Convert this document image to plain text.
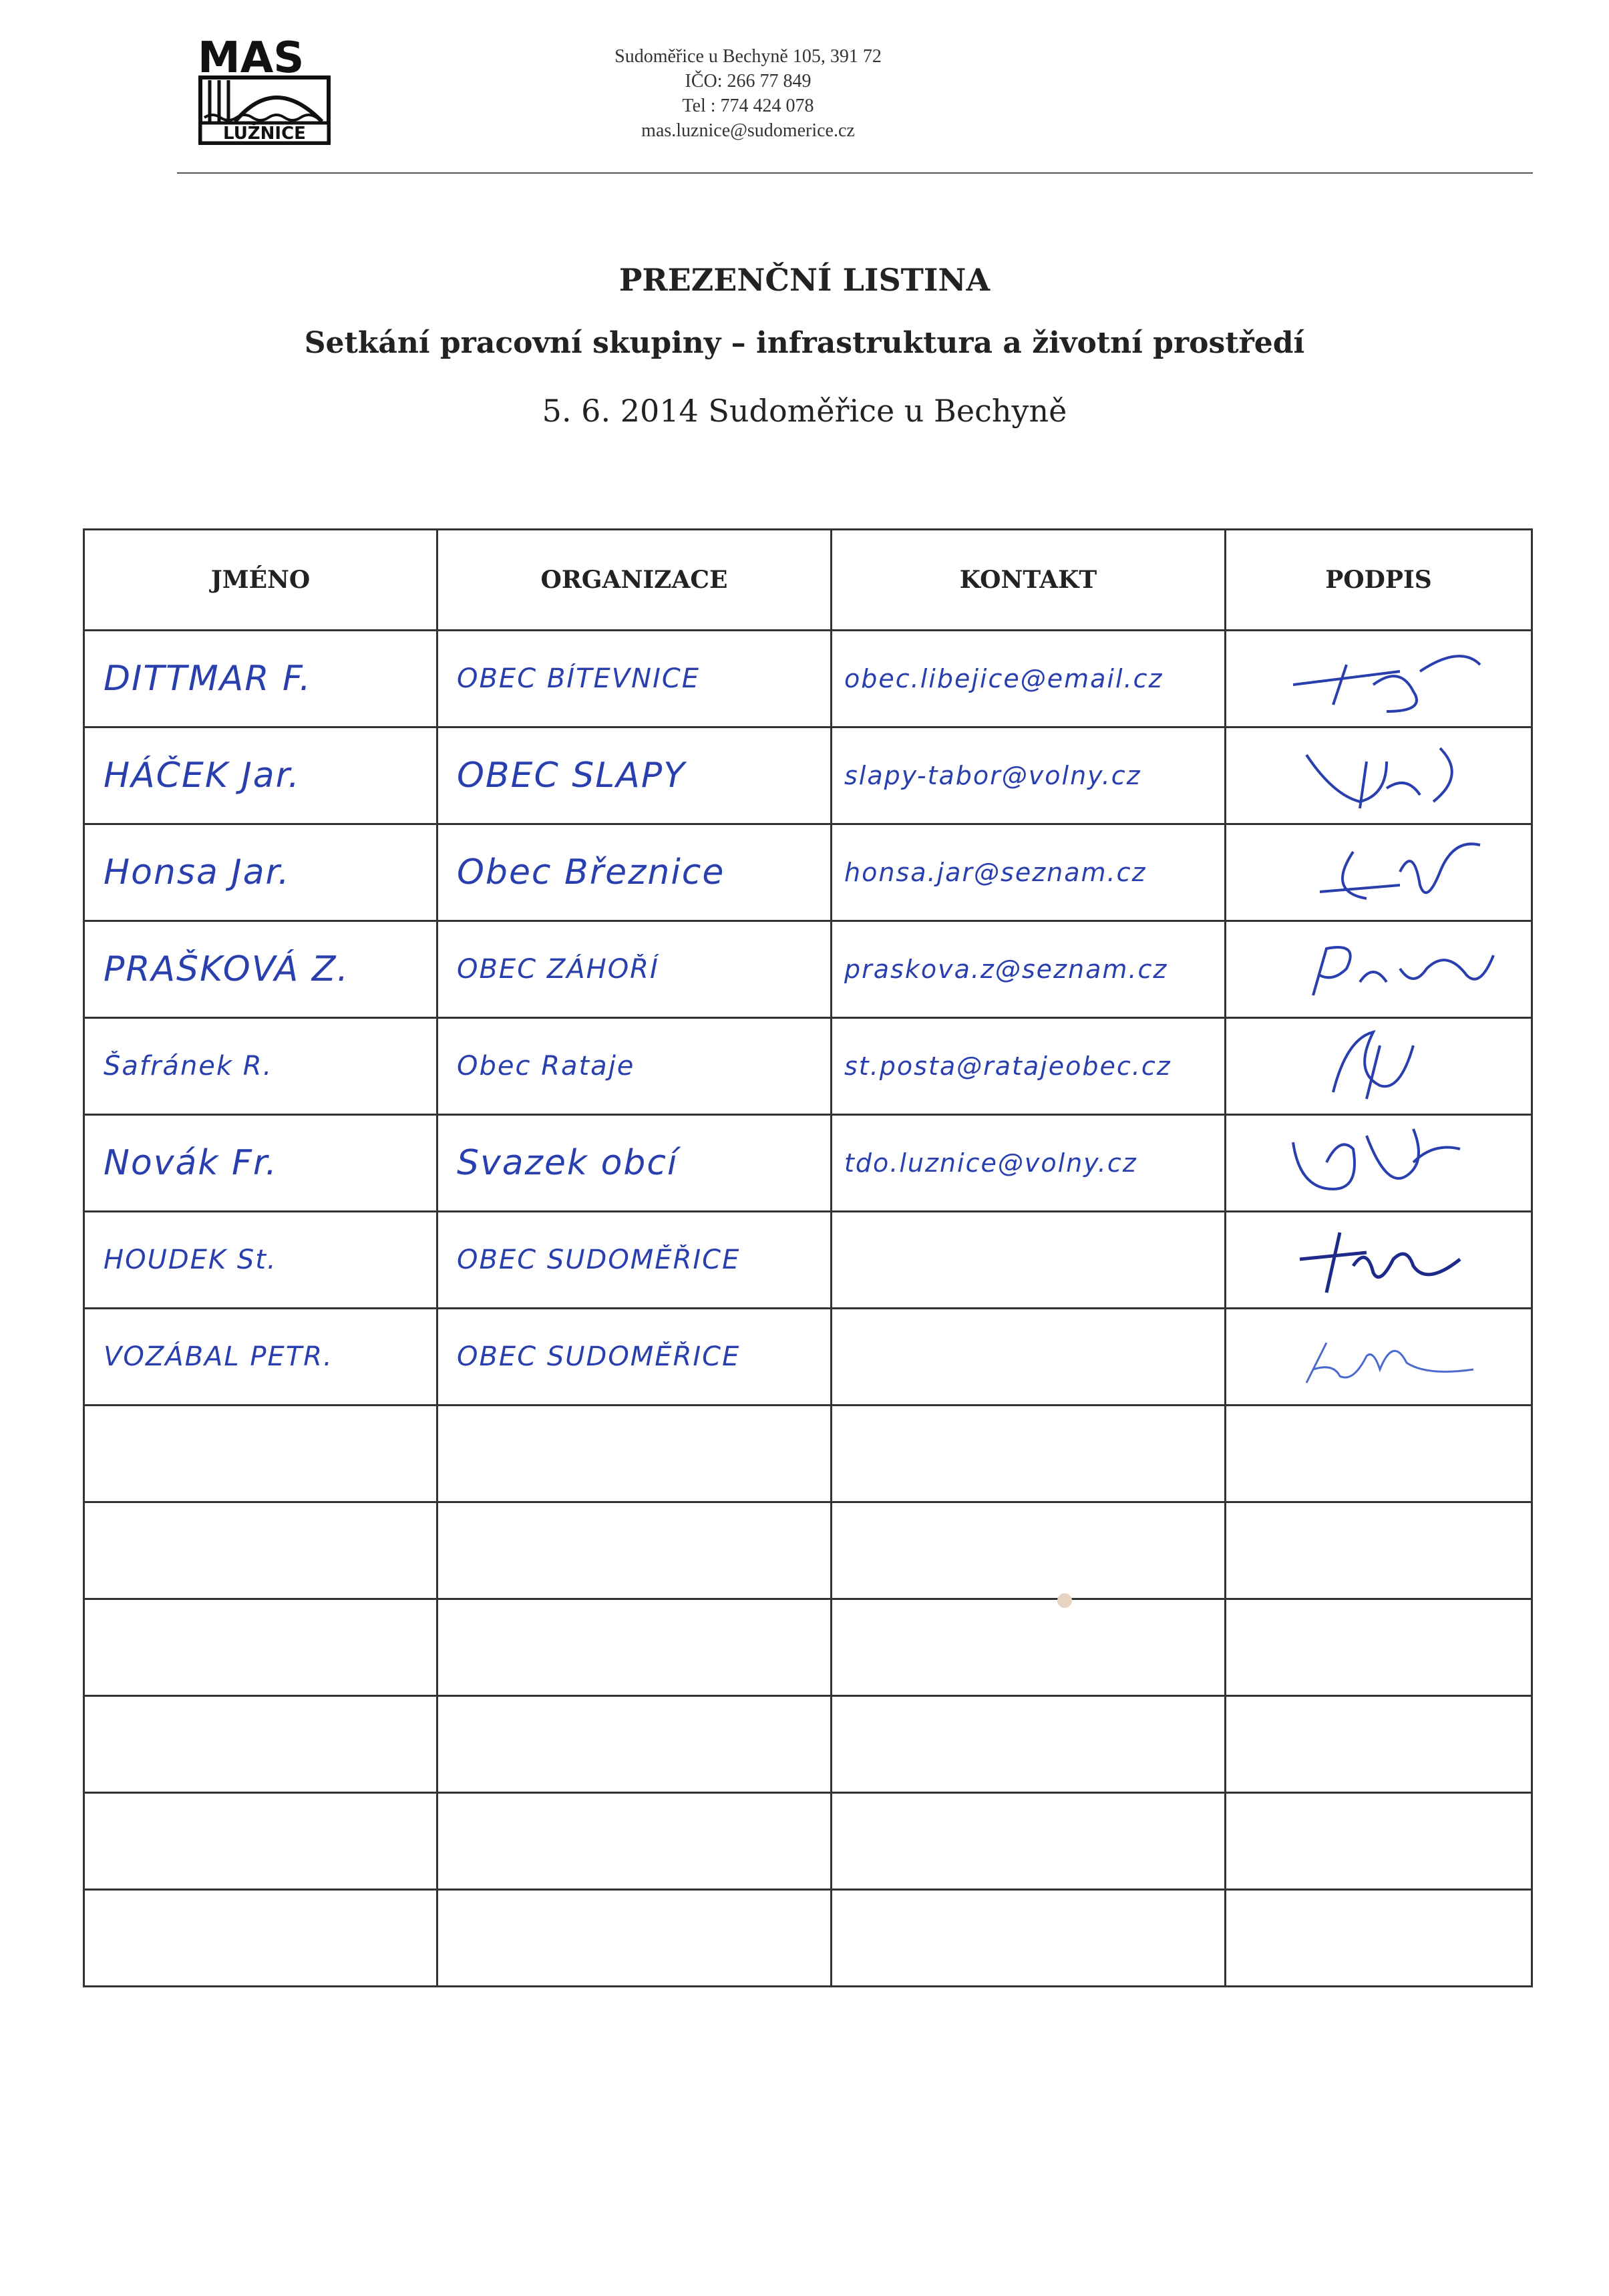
MAS
LUŽNICE
Sudoměřice u Bechyně 105, 391 72
IČO: 266 77 849
Tel : 774 424 078
mas.luznice@sudomerice.cz
PREZENČNÍ LISTINA
Setkání pracovní skupiny – infrastruktura a životní prostředí
5. 6. 2014 Sudoměřice u Bechyně
JMÉNO	ORGANIZACE	KONTAKT	PODPIS

DITTMAR F.	OBEC BÍTEVNICE	obec.libejice@email.cz

HÁČEK Jar.	OBEC SLAPY	slapy-tabor@volny.cz

Honsa Jar.	Obec Březnice	honsa.jar@seznam.cz

PRAŠKOVÁ Z.	OBEC ZÁHOŘÍ	praskova.z@seznam.cz

Šafránek R.	Obec Rataje	st.posta@ratajeobec.cz

Novák Fr.	Svazek obcí	tdo.luznice@volny.cz

HOUDEK St.	OBEC SUDOMĚŘICE

VOZÁBAL PETR.	OBEC SUDOMĚŘICE
